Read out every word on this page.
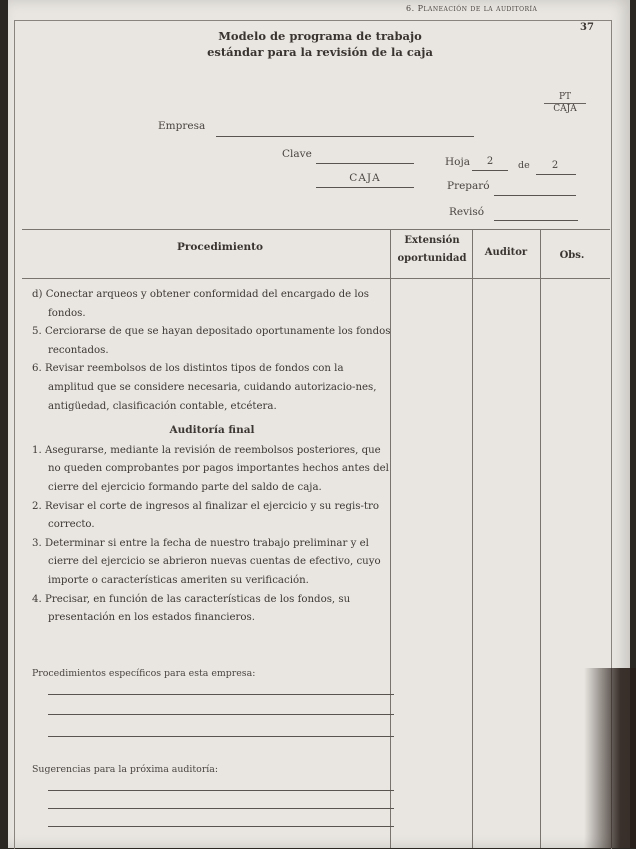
6. Planeación de la auditoría
37
Modelo de programa de trabajo
estándar para la revisión de la caja
PT
CAJA
Empresa
Clave
Hoja	2	de	2
CAJA
Preparó
Revisó
Procedimiento
Extensión
oportunidad
Auditor	Obs.

d) Conectar arqueos y obtener conformidad del encargado de los fondos.

5. Cerciorarse de que se hayan depositado oportunamente los fondos recontados.

6. Revisar reembolsos de los distintos tipos de fondos con la amplitud que se considere necesaria, cuidando autorizacio-nes, antigüedad, clasificación contable, etcétera.

Auditoría final

1. Asegurarse, mediante la revisión de reembolsos posteriores, que no queden comprobantes por pagos importantes hechos antes del cierre del ejercicio formando parte del saldo de caja.

2. Revisar el corte de ingresos al finalizar el ejercicio y su regis-tro correcto.

3. Determinar si entre la fecha de nuestro trabajo preliminar y el cierre del ejercicio se abrieron nuevas cuentas de efectivo, cuyo importe o características ameriten su verificación.

4. Precisar, en función de las características de los fondos, su presentación en los estados financieros.

Procedimientos específicos para esta empresa:
Sugerencias para la próxima auditoría:
